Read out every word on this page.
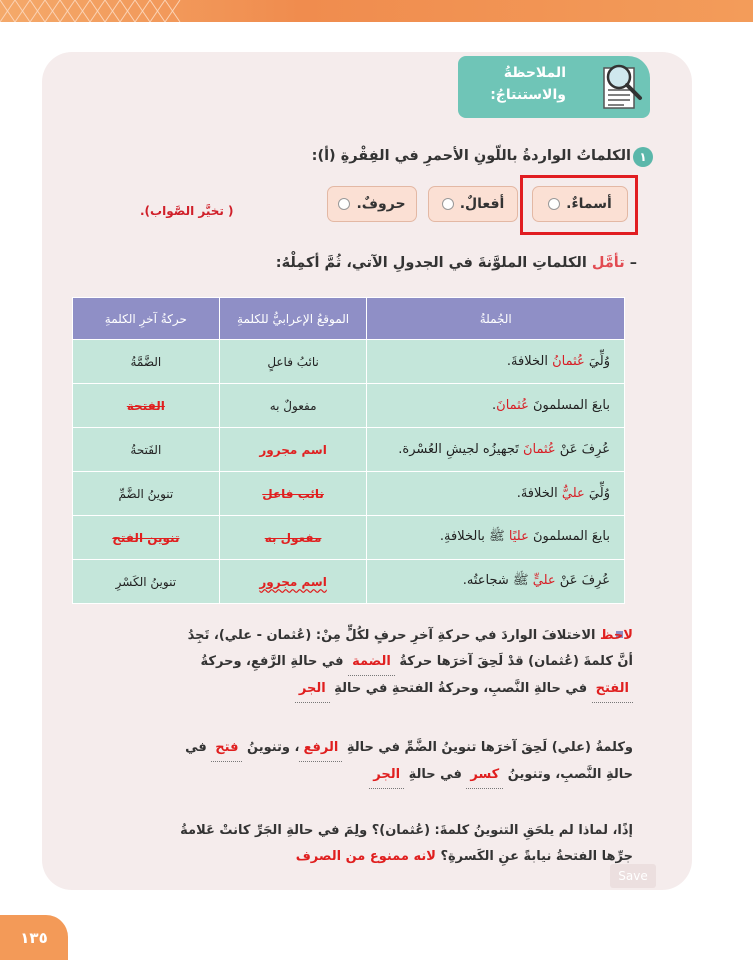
الملاحظةُ
والاستنتاجُ:
١
الكلماتُ الواردةُ باللّونِ الأحمرِ في الفِقْرةِ (أ):
أسماءٌ.
أفعالٌ.
حروفٌ.
( تخيَّر الصَّواب).
– تأمَّل الكلماتِ الملوَّنةَ في الجدولِ الآتي، ثُمَّ أكمِلْهُ:
الجُملةُ	الموقعُ الإعرابيُّ للكلمةِ	حركةُ آخرِ الكلمةِ
وُلِّيَ عُثمانُ الخلافةَ.	نائبُ فاعلٍ	الضَّمَّةُ
بايعَ المسلمونَ عُثمانَ.	مفعولٌ به	الفتحة
عُرِفَ عَنْ عُثمانَ تَجهيزُه لجيشِ العُسْرة.	اسم مجرور	الفَتحةُ
وُلِّيَ عليٌّ الخلافةَ.	نائب فاعل	تنوينُ الضَّمِّ
بايعَ المسلمونَ عليًا ﷺ بالخلافةِ.	مفعول به	تنوين الفتح
عُرِفَ عَنْ عليٍّ ﷺ شجاعتُه.	اسم مجرور	تنوينُ الكَسْرِ
لاحظ الاختلافَ الواردَ في حركةِ آخرِ حرفٍ لكُلٍّ مِنْ: (عُثمان - علي)، تَجِدُ
أنَّ كلمةَ (عُثمان) قدْ لَحِقَ آخرَها حركةُ الضمة في حالةِ الرَّفعِ، وحركةُ
الفتح في حالةِ النَّصبِ، وحركةُ الفتحةِ في حالةِ الجر
وكلمةُ (علي) لَحِقَ آخرَها تنوينُ الضَّمِّ في حالةِ الرفع، وتنوينُ فتح في
حالةِ النَّصبِ، وتنوينُ كسر في حالةِ الجر
إذًا، لماذا لم يلحَقِ التنوينُ كلمةَ: (عُثمان)؟ ولِمَ في حالةِ الجَرِّ كانتْ عَلامةُ
جرِّها الفتحةُ نيابةً عنِ الكَسرةِ؟ لانه ممنوع من الصرف
Save
١٣٥
